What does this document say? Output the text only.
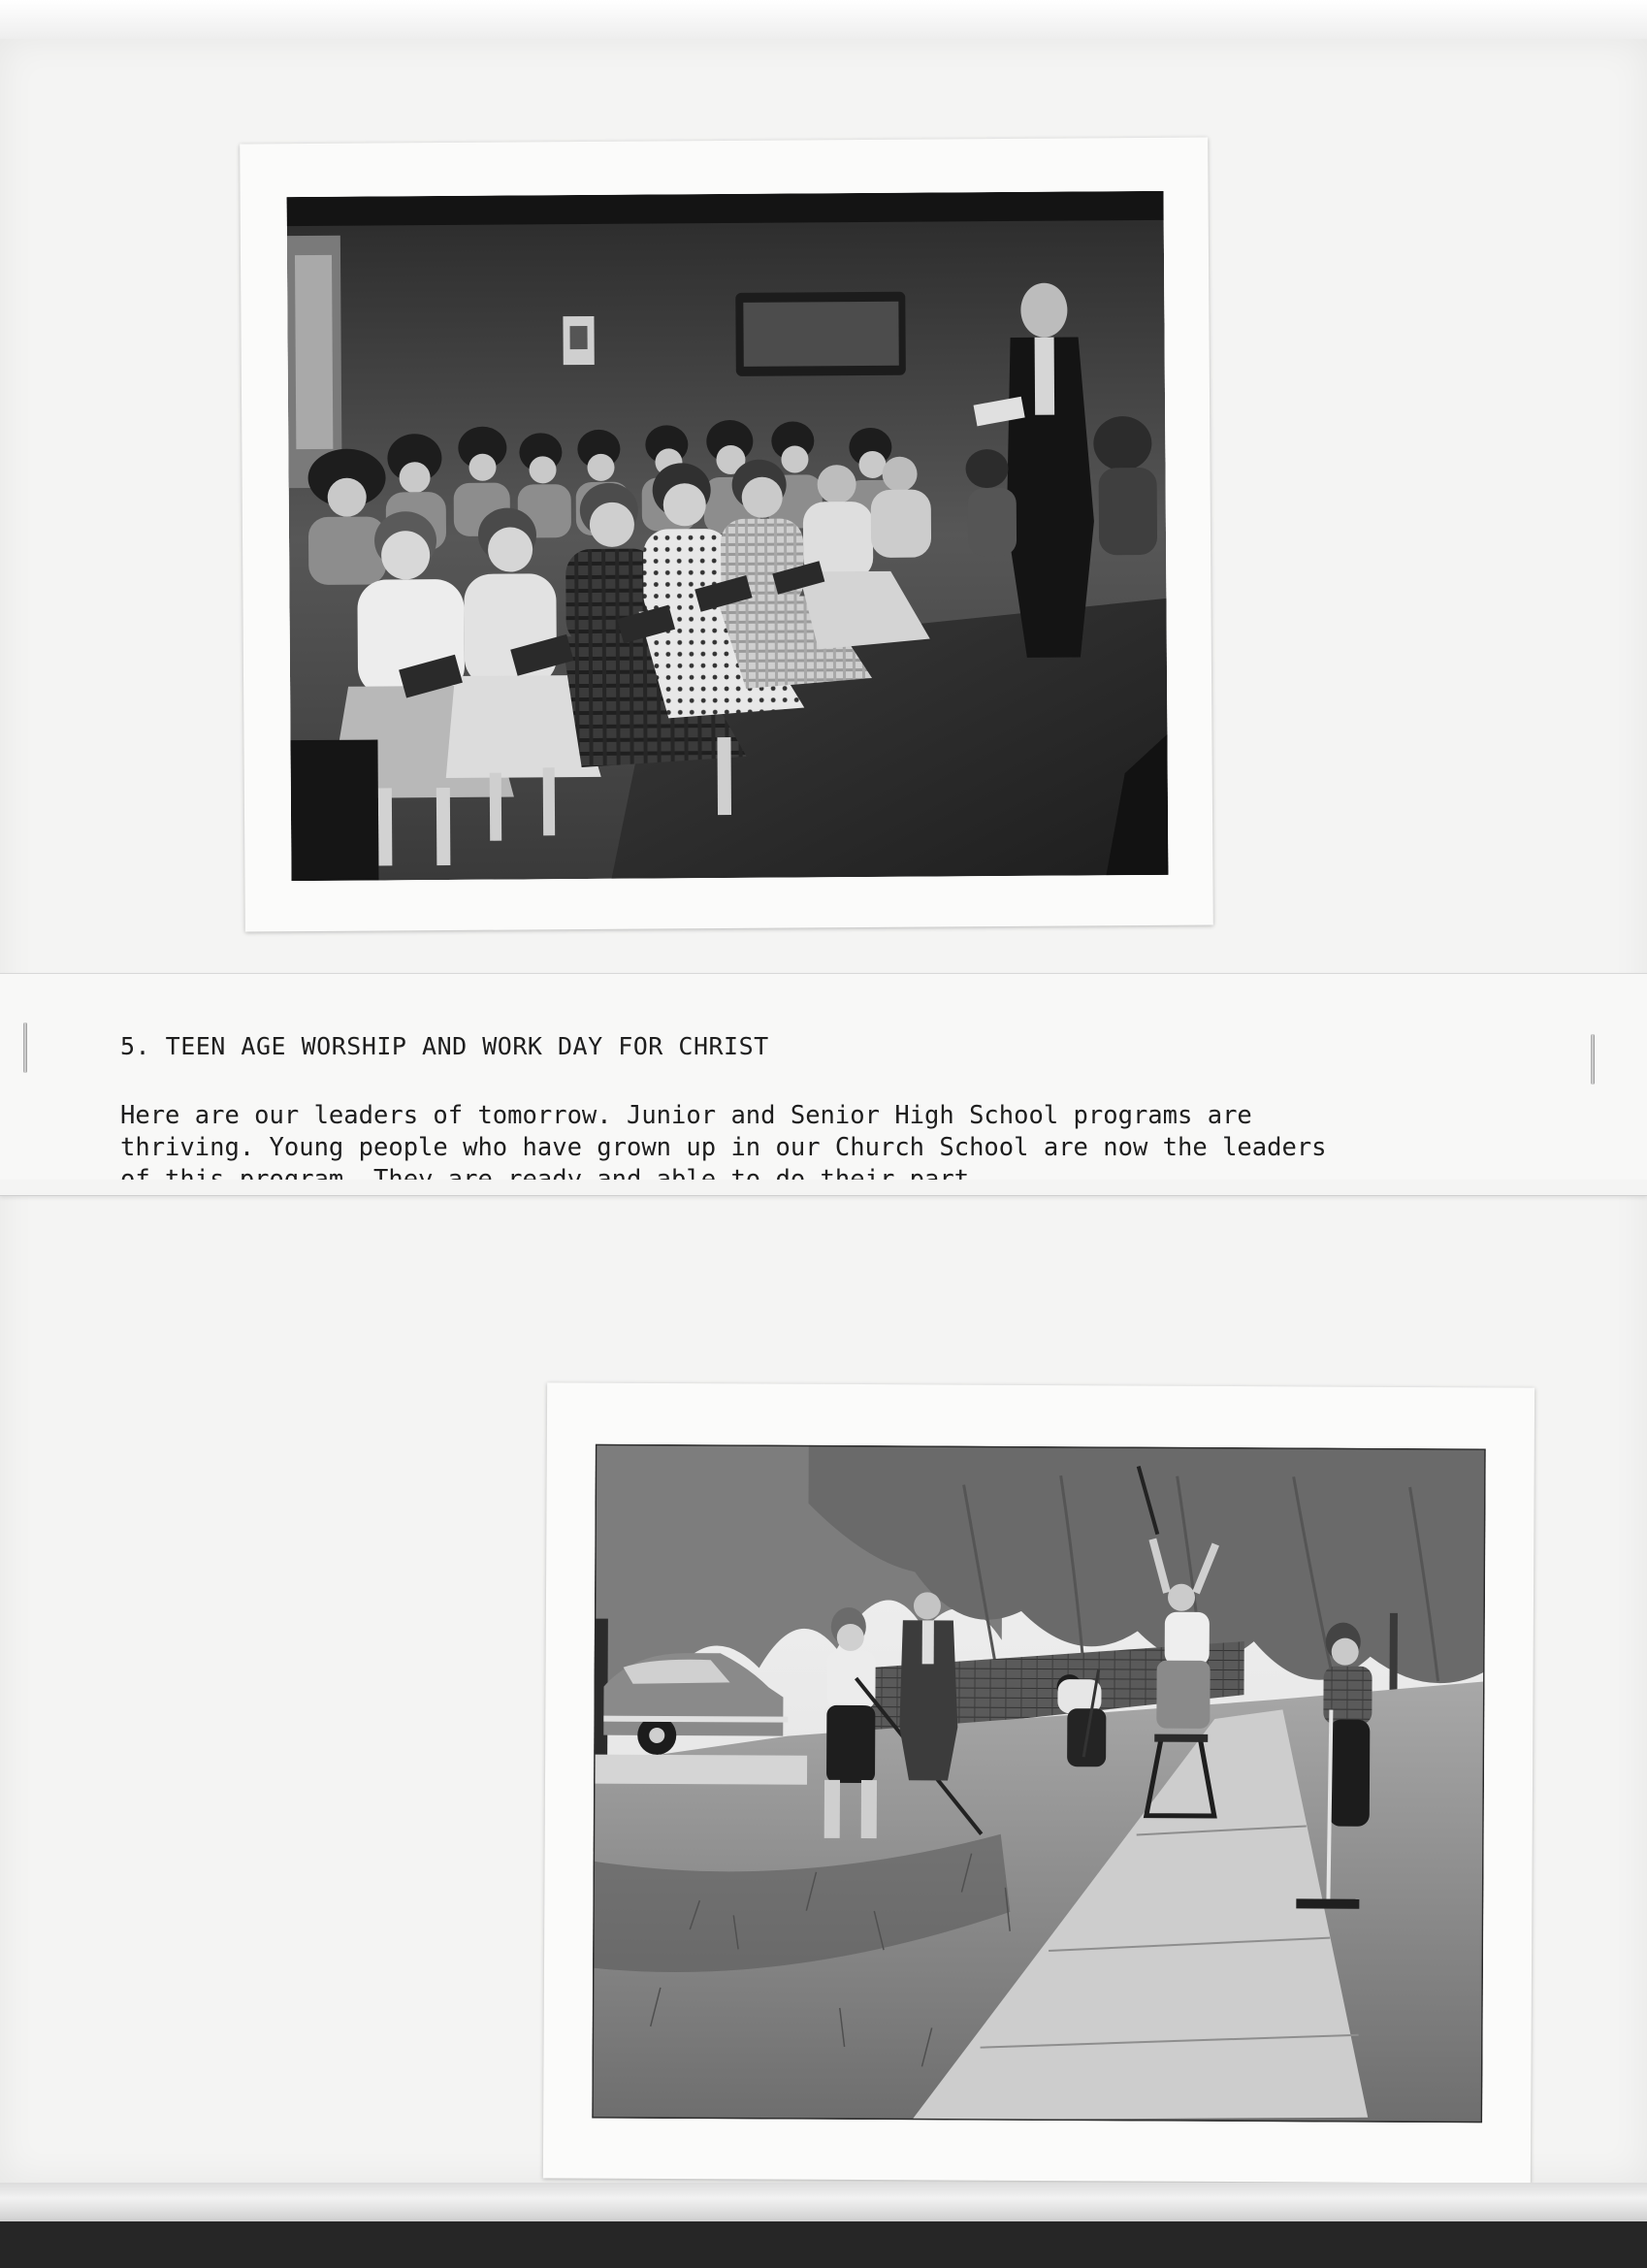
5. TEEN AGE WORSHIP AND WORK DAY FOR CHRIST
Here are our leaders of tomorrow. Junior and Senior High School programs are
thriving. Young people who have grown up in our Church School are now the leaders
